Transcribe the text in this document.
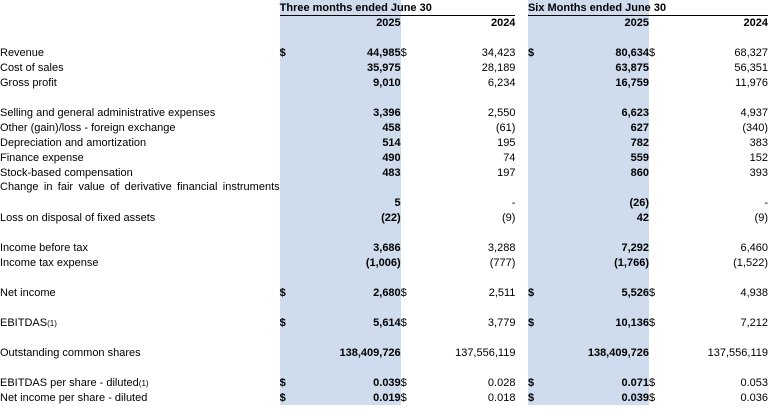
	Three months ended June 30					Six Months ended June 30			
		2025		2024			2025		2024

Revenue	$	44,985	$	34,423		$	80,634	$	68,327
Cost of sales		35,975		28,189			63,875		56,351
Gross profit		9,010		6,234			16,759		11,976

Selling and general administrative expenses		3,396		2,550			6,623		4,937
Other (gain)/loss - foreign exchange		458		(61)			627		(340)
Depreciation and amortization		514		195			782		383
Finance expense		490		74			559		152
Stock-based compensation		483		197			860		393
Change in fair value of derivative financial instruments									
		5		-			(26)		-
Loss on disposal of fixed assets		(22)		(9)			42		(9)

Income before tax		3,686		3,288			7,292		6,460
Income tax expense		(1,006)		(777)			(1,766)		(1,522)

Net income	$	2,680	$	2,511		$	5,526	$	4,938

EBITDAS(1)	$	5,614	$	3,779		$	10,136	$	7,212

Outstanding common shares		138,409,726		137,556,119			138,409,726		137,556,119

EBITDAS per share - diluted(1)	$	0.039	$	0.028		$	0.071	$	0.053
Net income per share - diluted	$	0.019	$	0.018		$	0.039	$	0.036
